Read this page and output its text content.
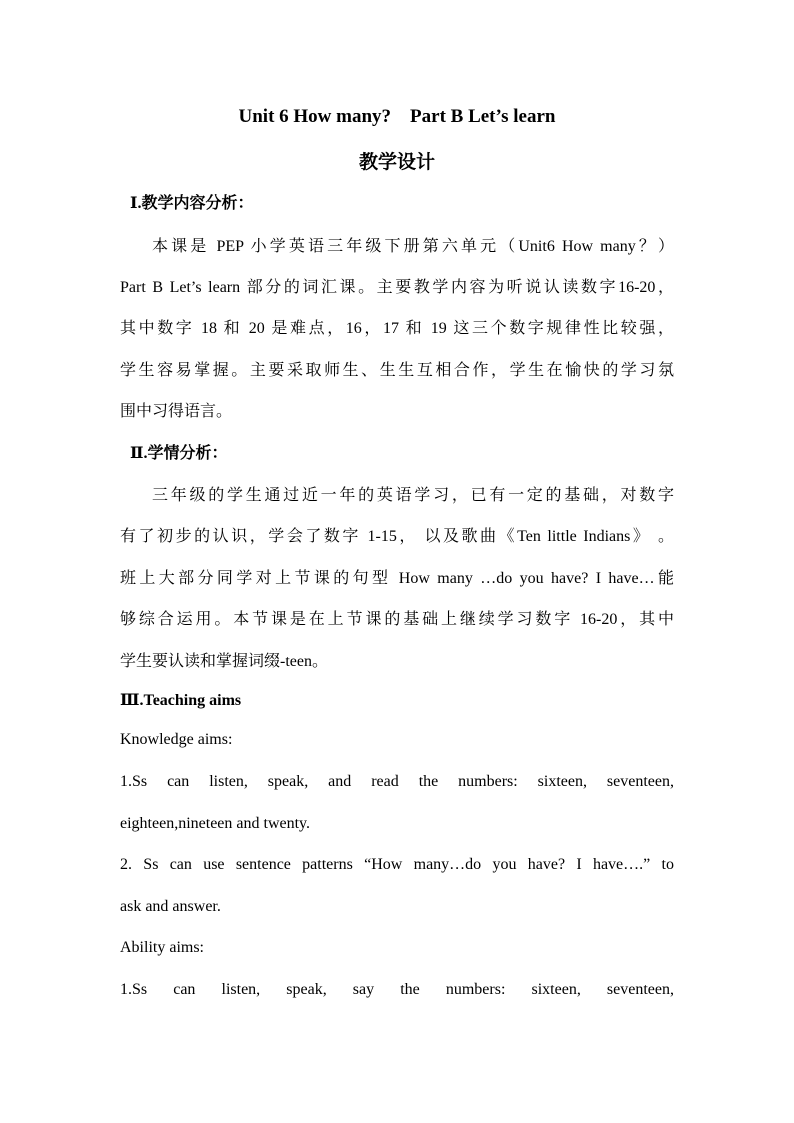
Unit 6 How many?    Part B Let’s learn
教学设计
Ⅰ.教学内容分析：
本课是 PEP 小学英语三年级下册第六单元（Unit6 How many？）
Part B Let’s learn 部分的词汇课。主要教学内容为听说认读数字16-20，
其中数字 18 和 20 是难点，16，17 和 19 这三个数字规律性比较强，
学生容易掌握。主要采取师生、生生互相合作，学生在愉快的学习氛
围中习得语言。
Ⅱ.学情分析：
三年级的学生通过近一年的英语学习，已有一定的基础，对数字
有了初步的认识，学会了数字 1-15， 以及歌曲《Ten little Indians》 。
班上大部分同学对上节课的句型 How many …do you have? I have…能
够综合运用。本节课是在上节课的基础上继续学习数字 16-20，其中
学生要认读和掌握词缀-teen。
Ⅲ.Teaching aims
Knowledge aims:
1.Ss can listen, speak, and read the numbers: sixteen, seventeen,
eighteen,nineteen and twenty.
2. Ss can use sentence patterns “How many…do you have? I have….” to
ask and answer.
Ability aims:
1.Ss can listen, speak, say the numbers: sixteen, seventeen,
